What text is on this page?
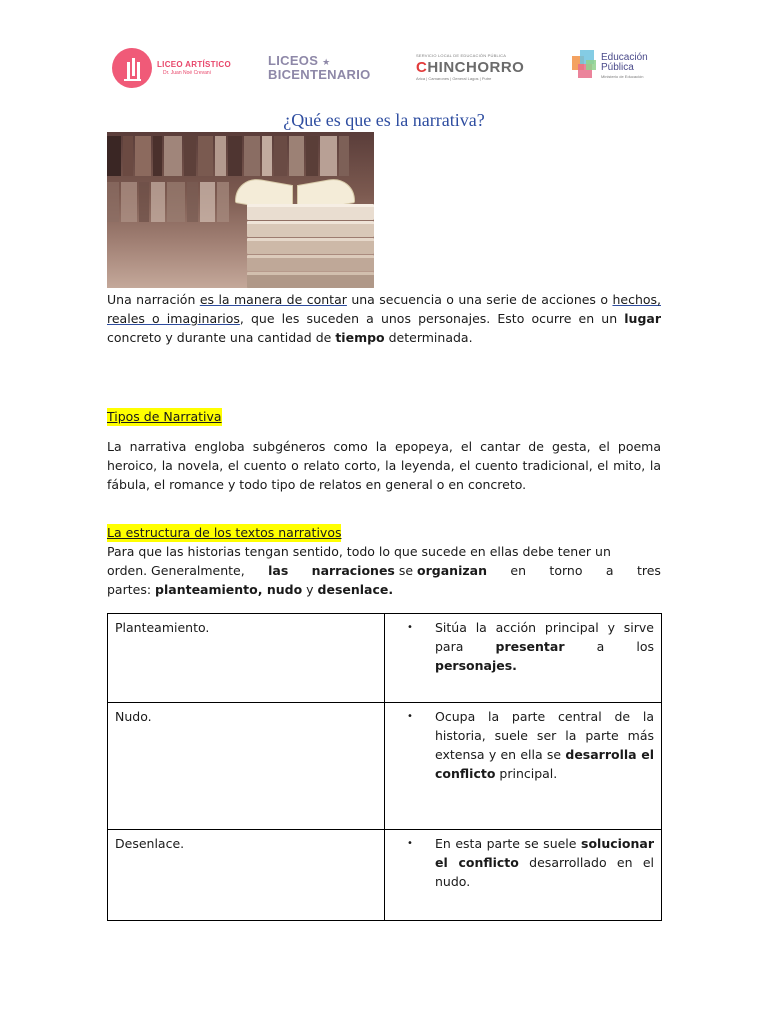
LICEO ARTÍSTICO
Dr. Juan Noé Crevani
LICEOS ★
BICENTENARIO
SERVICIO LOCAL DE EDUCACIÓN PÚBLICA
CHINCHORRO
Arica | Camarones | General Lagos | Putre
Educación
Pública
Ministerio de Educación
¿Qué es que es la narrativa?
Una narración es la manera de contar una secuencia o una serie de acciones o hechos, reales o imaginarios, que les suceden a unos personajes. Esto ocurre en un lugar concreto y durante una cantidad de tiempo determinada.
Tipos de Narrativa
La narrativa engloba subgéneros como la epopeya, el cantar de gesta, el poema heroico, la novela, el cuento o relato corto, la leyenda, el cuento tradicional, el mito, la fábula, el romance y todo tipo de relatos en general o en concreto.
La estructura de los textos narrativos
Para que las historias tengan sentido, todo lo que sucede en ellas debe tener un
orden. Generalmente, las narraciones se organizan en torno a tres
partes: planteamiento, nudo y desenlace.
Planteamiento.	• Sitúa la acción principal y sirve para presentar a los personajes.

Nudo.	• Ocupa la parte central de la historia, suele ser la parte más extensa y en ella se desarrolla el conflicto principal.

Desenlace.	• En esta parte se suele solucionar el conflicto desarrollado en el nudo.
